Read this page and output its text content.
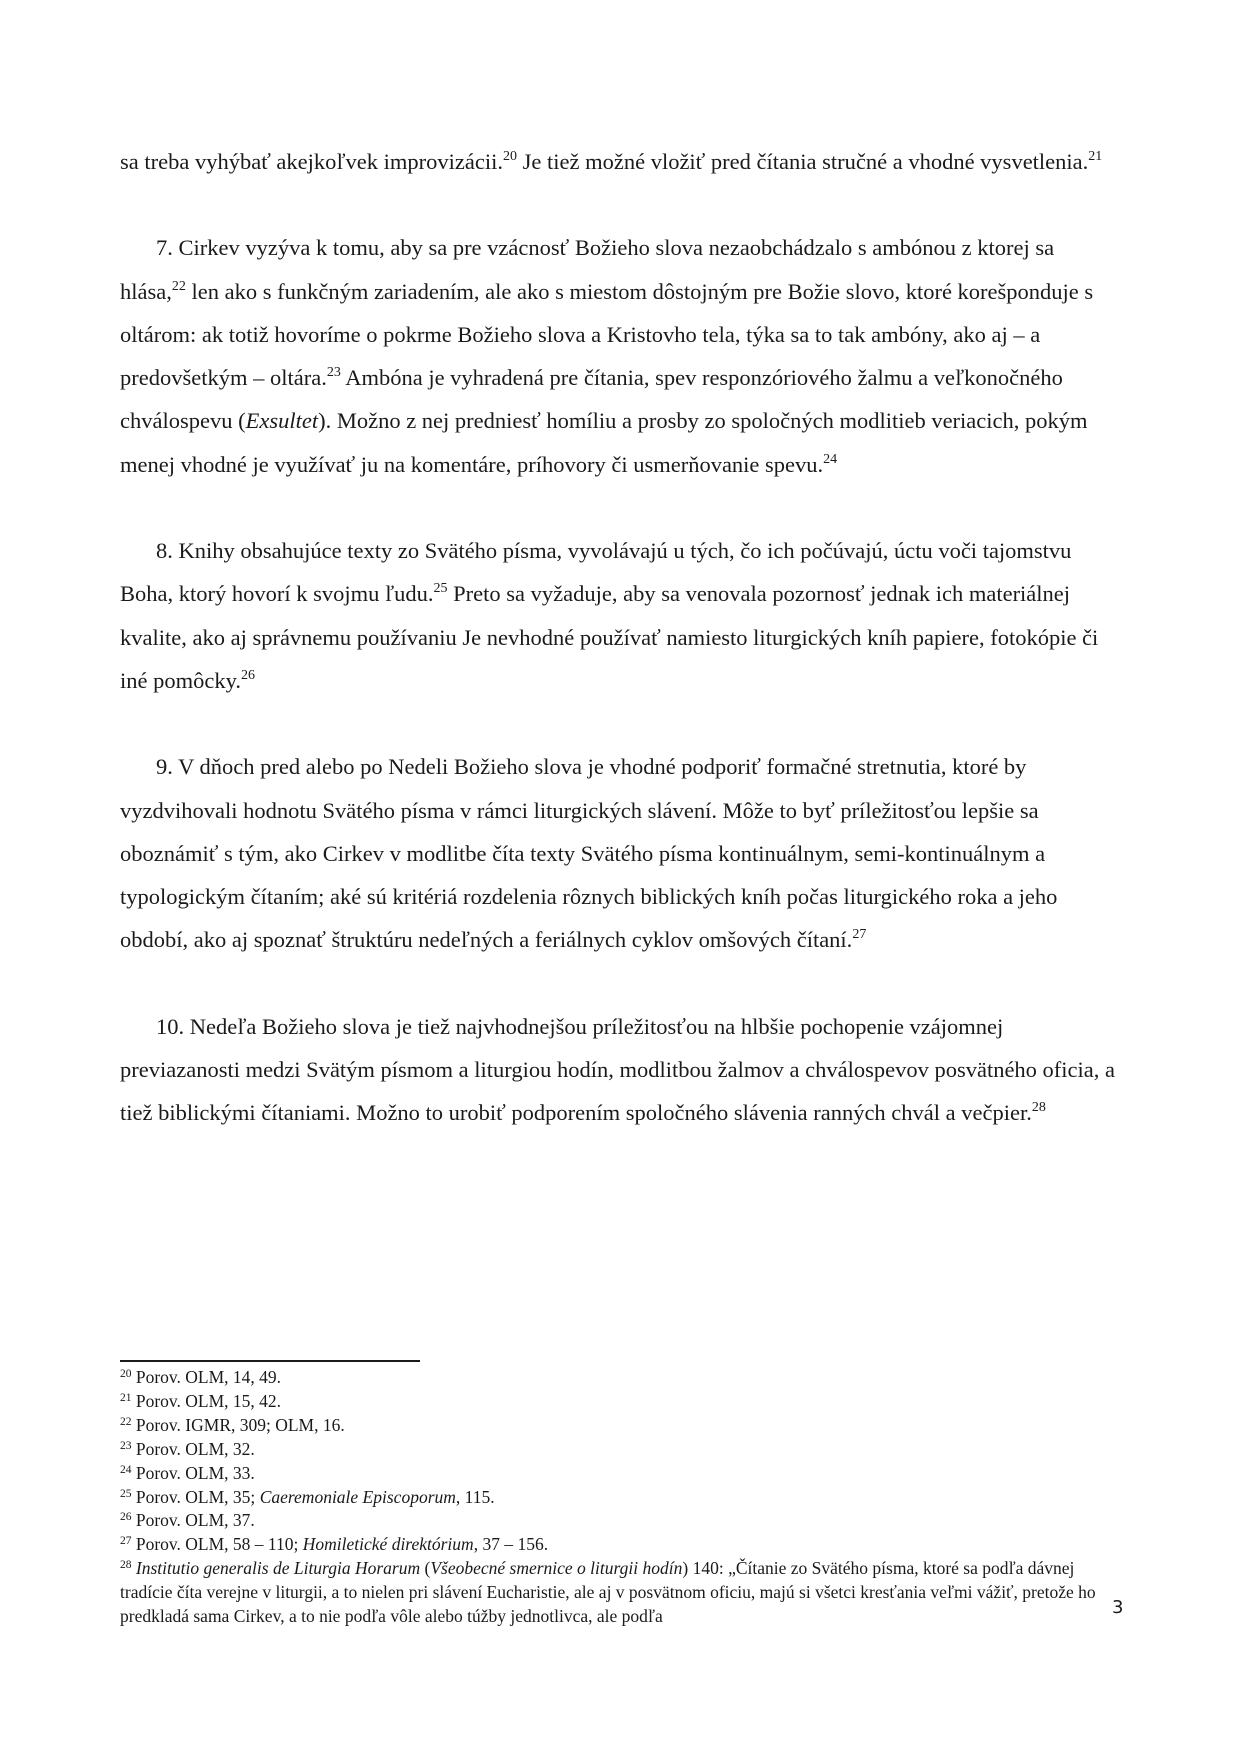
sa treba vyhýbať akejkoľvek improvizácii.$^{20}$ Je tiež možné vložiť pred čítania stručné a vhodné vysvetlenia.$^{21}$

7. Cirkev vyzýva k tomu, aby sa pre vzácnosť Božieho slova nezaobchádzalo s ambónou z ktorej sa hlása,$^{22}$ len ako s funkčným zariadením, ale ako s miestom dôstojným pre Božie slovo, ktoré korešponduje s oltárom: ak totiž hovoríme o pokrme Božieho slova a Kristovho tela, týka sa to tak ambóny, ako aj – a predovšetkým – oltára.$^{23}$ Ambóna je vyhradená pre čítania, spev responzóriového žalmu a veľkonočného chválospevu (Exsultet). Možno z nej predniesť homíliu a prosby zo spoločných modlitieb veriacich, pokým menej vhodné je využívať ju na komentáre, príhovory či usmerňovanie spevu.$^{24}$

8. Knihy obsahujúce texty zo Svätého písma, vyvolávajú u tých, čo ich počúvajú, úctu voči tajomstvu Boha, ktorý hovorí k svojmu ľudu.$^{25}$ Preto sa vyžaduje, aby sa venovala pozornosť jednak ich materiálnej kvalite, ako aj správnemu používaniu Je nevhodné používať namiesto liturgických kníh papiere, fotokópie či iné pomôcky.$^{26}$

9. V dňoch pred alebo po Nedeli Božieho slova je vhodné podporiť formačné stretnutia, ktoré by vyzdvihovali hodnotu Svätého písma v rámci liturgických slávení. Môže to byť príležitosťou lepšie sa oboznámiť s tým, ako Cirkev v modlitbe číta texty Svätého písma kontinuálnym, semi-kontinuálnym a typologickým čítaním; aké sú kritériá rozdelenia rôznych biblických kníh počas liturgického roka a jeho období, ako aj spoznať štruktúru nedeľných a feriálnych cyklov omšových čítaní.$^{27}$

10. Nedeľa Božieho slova je tiež najvhodnejšou príležitosťou na hlbšie pochopenie vzájomnej previazanosti medzi Svätým písmom a liturgiou hodín, modlitbou žalmov a chválospevov posvätného oficia, a tiež biblickými čítaniami. Možno to urobiť podporením spoločného slávenia ranných chvál a večpier.$^{28}$

$^{20}$ Porov. OLM, 14, 49.

$^{21}$ Porov. OLM, 15, 42.

$^{22}$ Porov. IGMR, 309; OLM, 16.

$^{23}$ Porov. OLM, 32.

$^{24}$ Porov. OLM, 33.

$^{25}$ Porov. OLM, 35; Caeremoniale Episcoporum, 115.

$^{26}$ Porov. OLM, 37.

$^{27}$ Porov. OLM, 58 – 110; Homiletické direktórium, 37 – 156.

$^{28}$ Institutio generalis de Liturgia Horarum (Všeobecné smernice o liturgii hodín) 140: „Čítanie zo Svätého písma, ktoré sa podľa dávnej tradície číta verejne v liturgii, a to nielen pri slávení Eucharistie, ale aj v posvätnom oficiu, majú si všetci kresťania veľmi vážiť, pretože ho predkladá sama Cirkev, a to nie podľa vôle alebo túžby jednotlivca, ale podľa	3
